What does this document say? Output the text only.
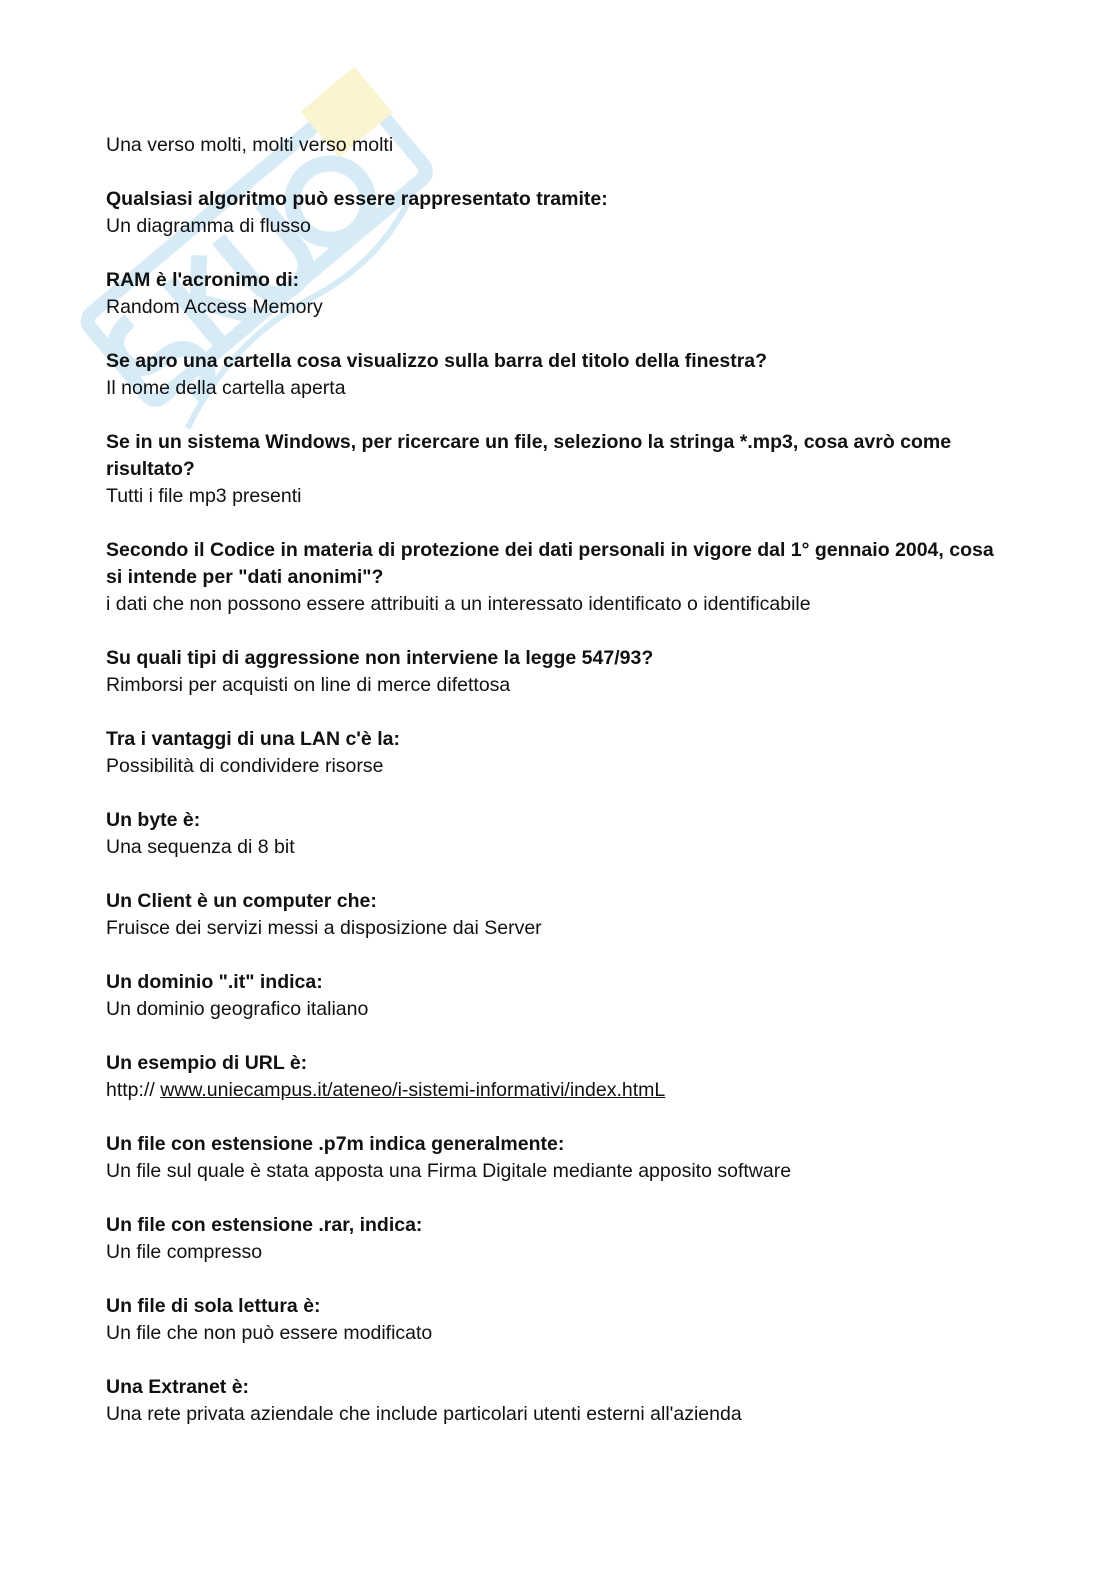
Una verso molti, molti verso molti

Qualsiasi algoritmo può essere rappresentato tramite:

Un diagramma di flusso

RAM è l'acronimo di:

Random Access Memory

Se apro una cartella cosa visualizzo sulla barra del titolo della finestra?

Il nome della cartella aperta

Se in un sistema Windows, per ricercare un file, seleziono la stringa *.mp3, cosa avrò come risultato?

Tutti i file mp3 presenti

Secondo il Codice in materia di protezione dei dati personali in vigore dal 1° gennaio 2004, cosa si intende per "dati anonimi"?

i dati che non possono essere attribuiti a un interessato identificato o identificabile

Su quali tipi di aggressione non interviene la legge 547/93?

Rimborsi per acquisti on line di merce difettosa

Tra i vantaggi di una LAN c'è la:

Possibilità di condividere risorse

Un byte è:

Una sequenza di 8 bit

Un Client è un computer che:

Fruisce dei servizi messi a disposizione dai Server

Un dominio ".it" indica:

Un dominio geografico italiano

Un esempio di URL è:

http:// www.uniecampus.it/ateneo/i-sistemi-informativi/index.htmL

Un file con estensione .p7m indica generalmente:

Un file sul quale è stata apposta una Firma Digitale mediante apposito software

Un file con estensione .rar, indica:

Un file compresso

Un file di sola lettura è:

Un file che non può essere modificato

Una Extranet è:

Una rete privata aziendale che include particolari utenti esterni all'azienda
